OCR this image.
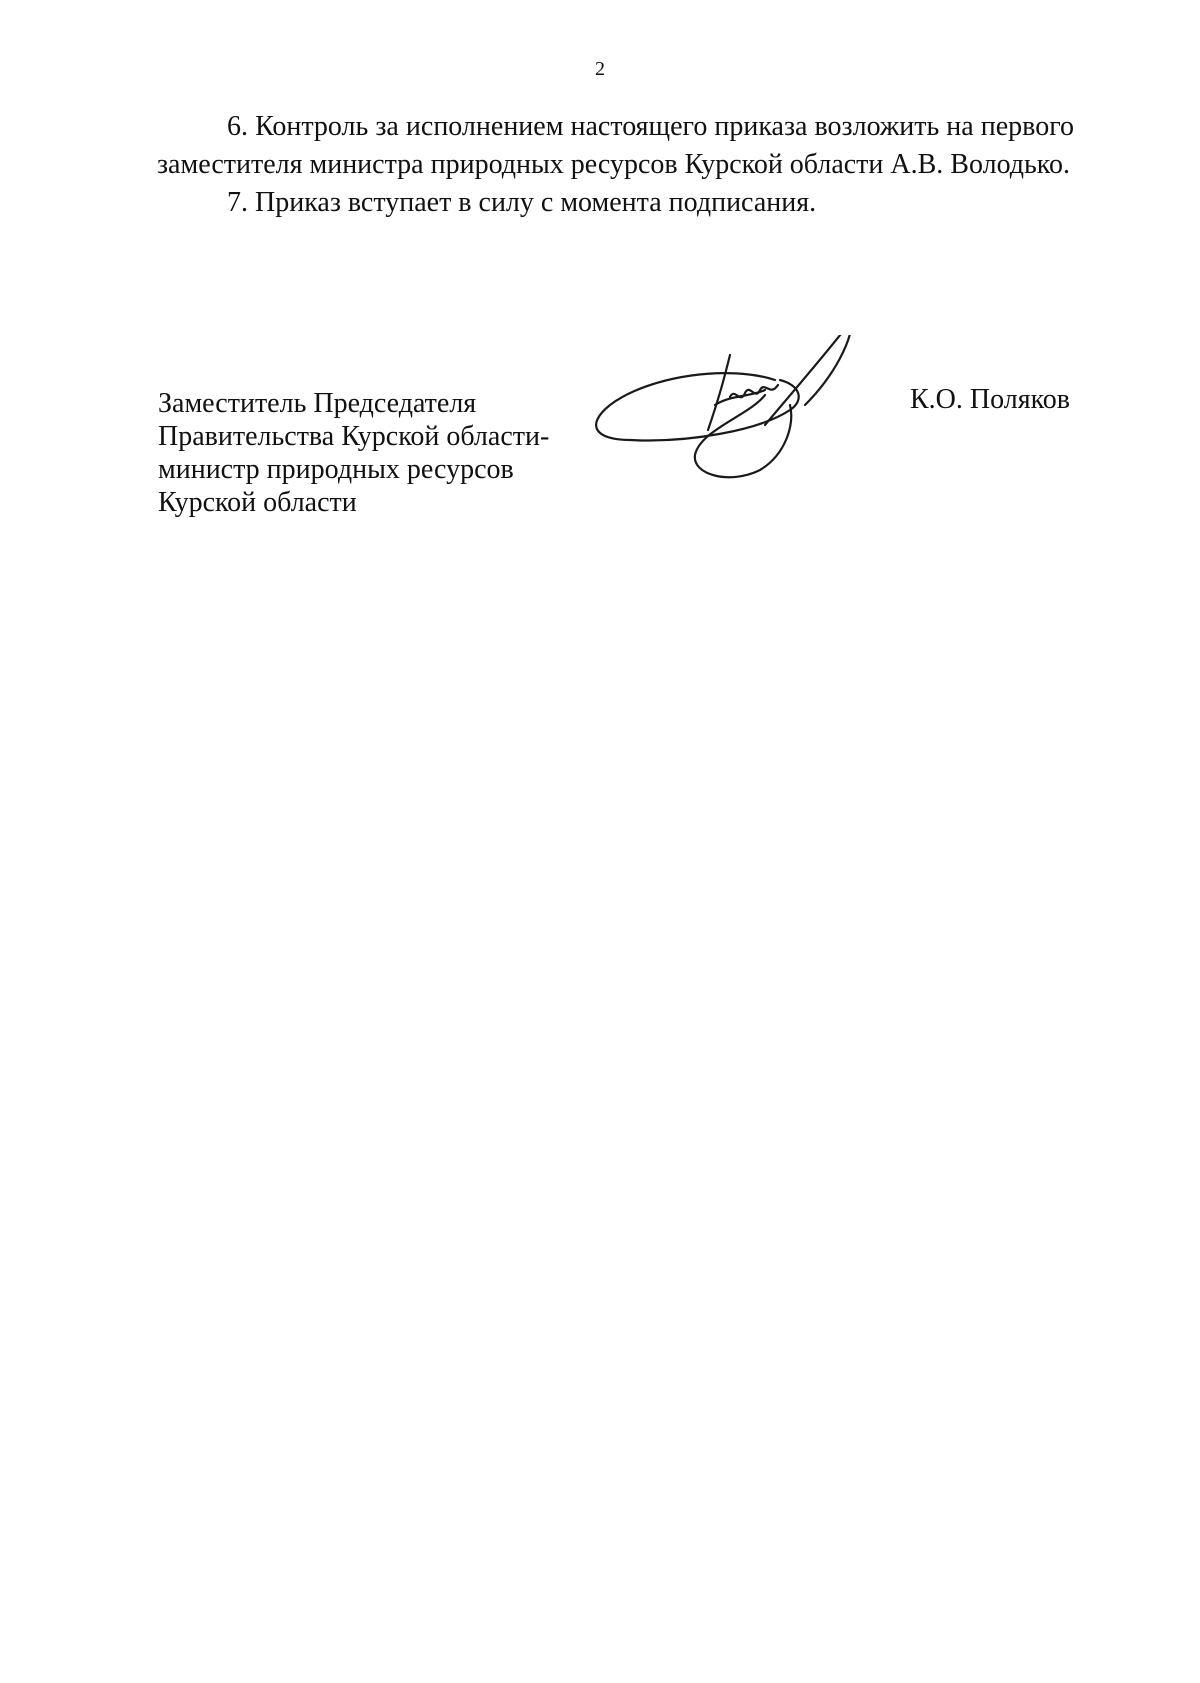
2

6. Контроль за исполнением настоящего приказа возложить на первого заместителя министра природных ресурсов Курской области А.В. Володько.

7. Приказ вступает в силу с момента подписания.

Заместитель Председателя
Правительства Курской области-
министр природных ресурсов
Курской области
К.О. Поляков
